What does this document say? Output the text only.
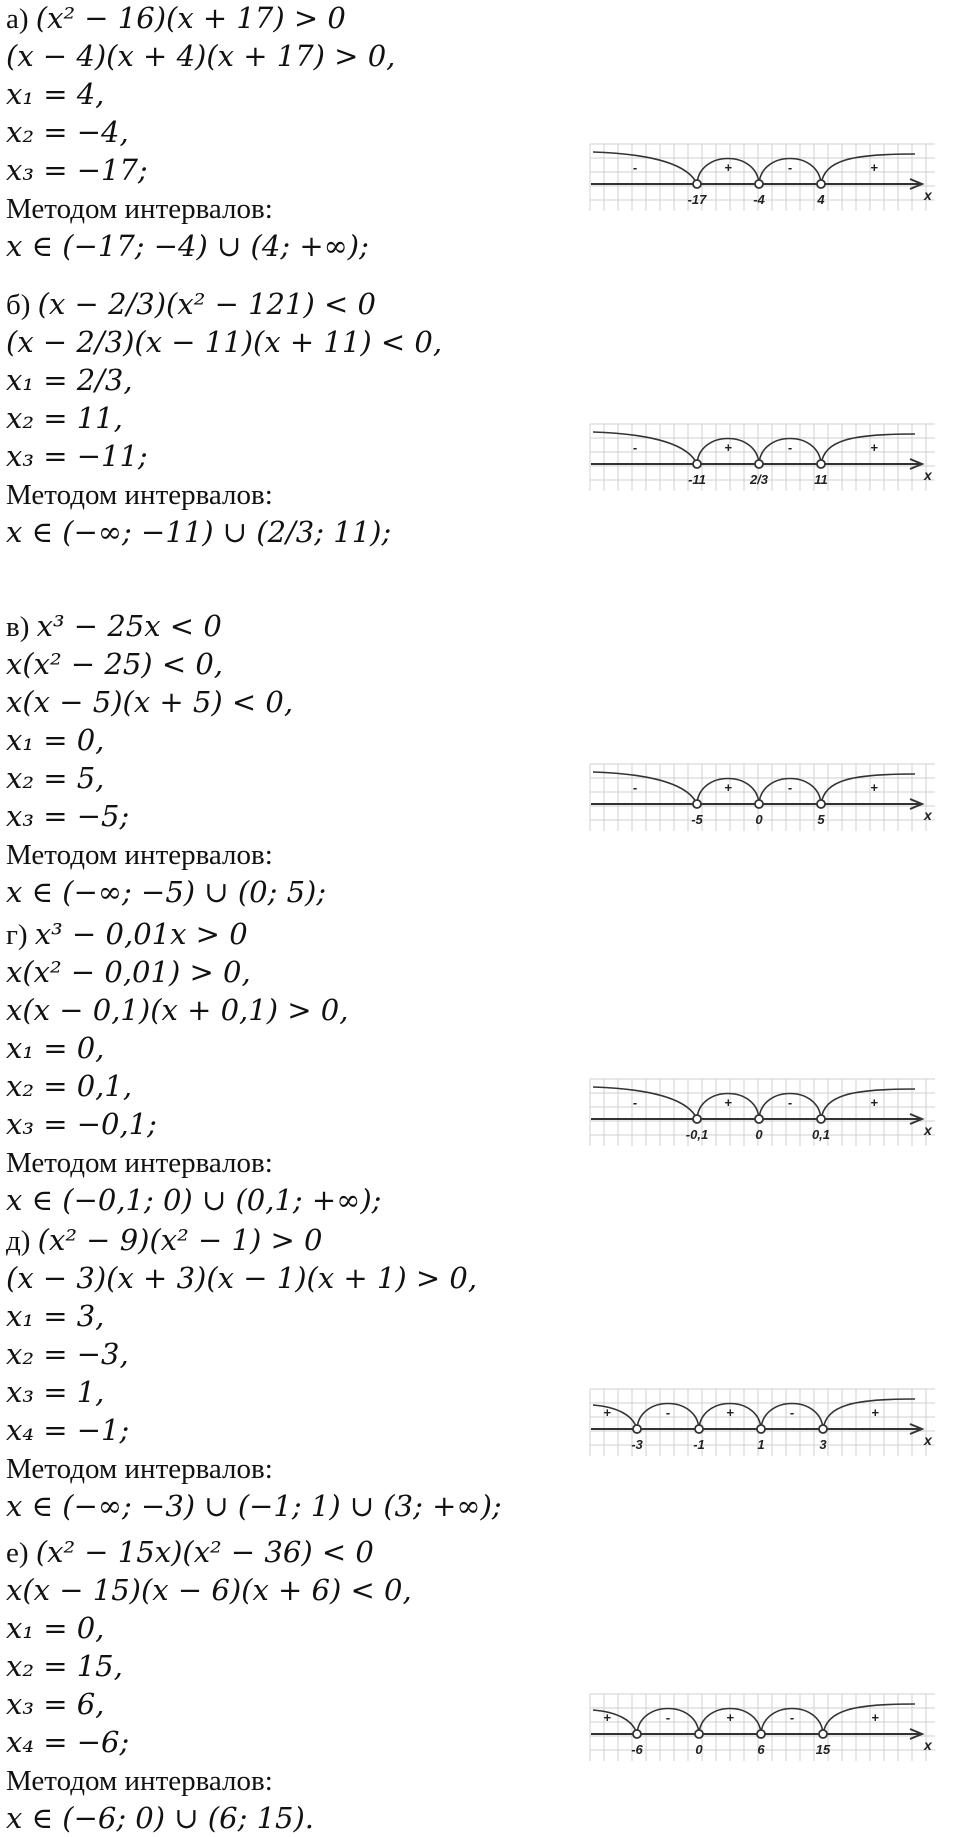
а) (x² − 16)(x + 17) > 0
(x − 4)(x + 4)(x + 17) > 0,
x₁ = 4,
x₂ = −4,
x₃ = −17;
Методом интервалов:
x ∈ (−17; −4) ∪ (4; +∞);
x
-	+	-	+
-17	-4	4
б) (x − 2/3)(x² − 121) < 0
(x − 2/3)(x − 11)(x + 11) < 0,
x₁ = 2/3,
x₂ = 11,
x₃ = −11;
Методом интервалов:
x ∈ (−∞; −11) ∪ (2/3; 11);
x
-	+	-	+
-11	2/3	11
в) x³ − 25x < 0
x(x² − 25) < 0,
x(x − 5)(x + 5) < 0,
x₁ = 0,
x₂ = 5,
x₃ = −5;
Методом интервалов:
x ∈ (−∞; −5) ∪ (0; 5);
x
-	+	-	+
-5	0	5
г) x³ − 0,01x > 0
x(x² − 0,01) > 0,
x(x − 0,1)(x + 0,1) > 0,
x₁ = 0,
x₂ = 0,1,
x₃ = −0,1;
Методом интервалов:
x ∈ (−0,1; 0) ∪ (0,1; +∞);
x
-	+	-	+
-0,1	0	0,1
д) (x² − 9)(x² − 1) > 0
(x − 3)(x + 3)(x − 1)(x + 1) > 0,
x₁ = 3,
x₂ = −3,
x₃ = 1,
x₄ = −1;
Методом интервалов:
x ∈ (−∞; −3) ∪ (−1; 1) ∪ (3; +∞);
x
+	-	+	-	+
-3	-1	1	3
е) (x² − 15x)(x² − 36) < 0
x(x − 15)(x − 6)(x + 6) < 0,
x₁ = 0,
x₂ = 15,
x₃ = 6,
x₄ = −6;
Методом интервалов:
x ∈ (−6; 0) ∪ (6; 15).
x
+	-	+	-	+
-6	0	6	15
